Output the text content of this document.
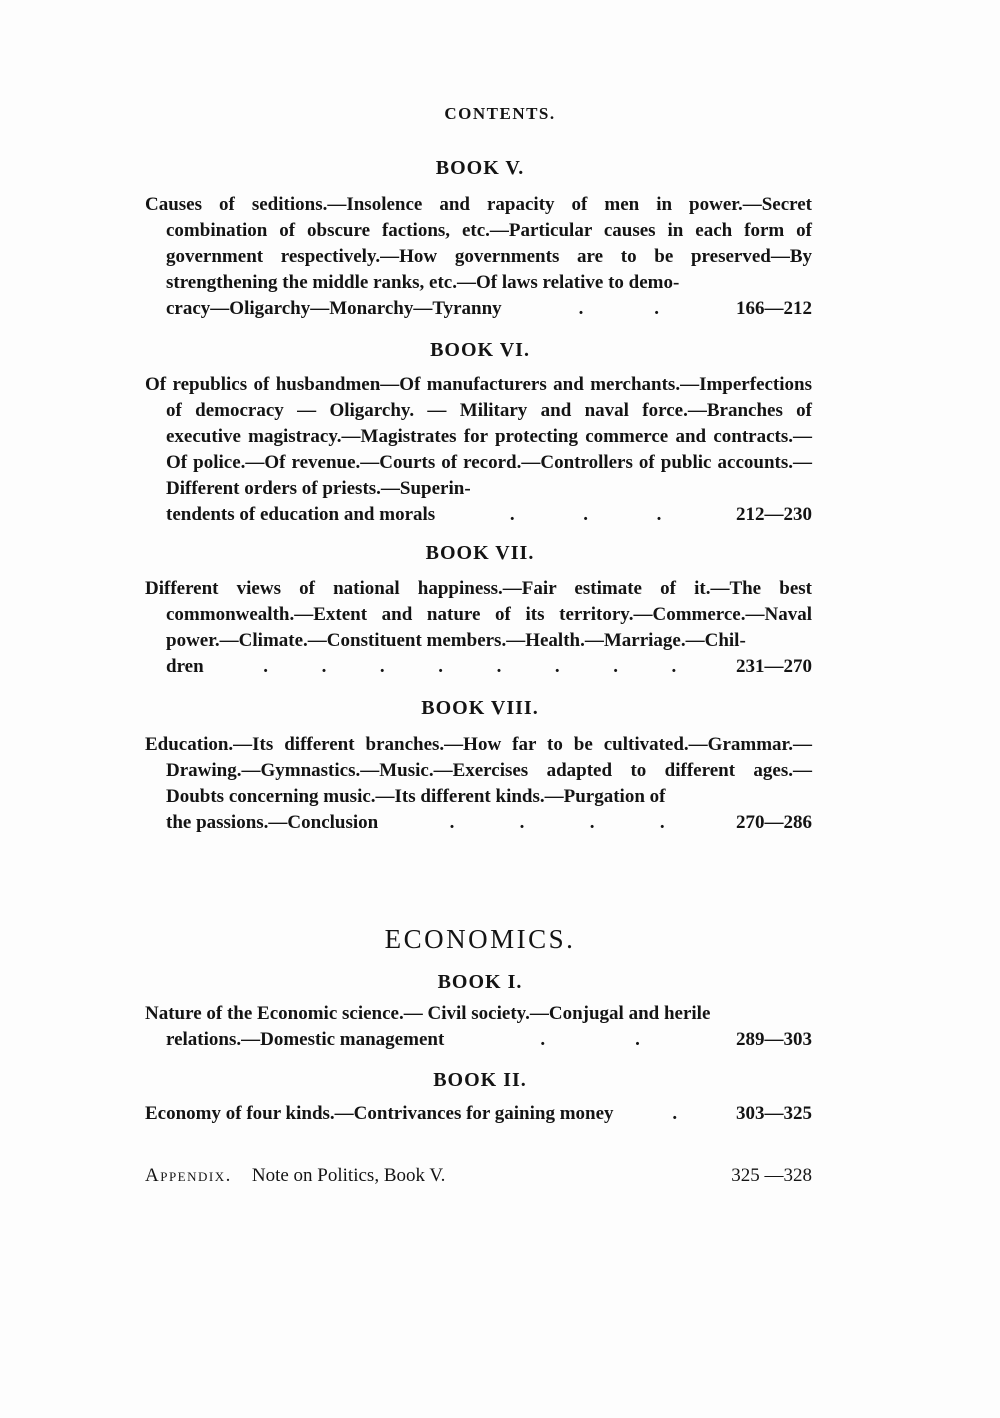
CONTENTS.
BOOK V.

Causes of seditions.—Insolence and rapacity of men in power.—Secret combination of obscure factions, etc.—Particular causes in each form of government respectively.—How governments are to be preserved—By strengthening the middle ranks, etc.—Of laws relative to demo-

cracy—Oligarchy—Monarchy—Tyranny	.	.	166—212
BOOK VI.

Of republics of husbandmen—Of manufacturers and merchants.—Imperfections of democracy — Oligarchy. — Military and naval force.—Branches of executive magistracy.—Magistrates for protecting commerce and contracts.—Of police.—Of revenue.—Courts of record.—Controllers of public accounts.—Different orders of priests.—Superin-

tendents of education and morals	.	.	.	212—230
BOOK VII.

Different views of national happiness.—Fair estimate of it.—The best commonwealth.—Extent and nature of its territory.—Commerce.—Naval power.—Climate.—Constituent members.—Health.—Marriage.—Chil-

dren	.	.	.	.	.	.	.	.	231—270
BOOK VIII.

Education.—Its different branches.—How far to be cultivated.—Grammar.—Drawing.—Gymnastics.—Music.—Exercises adapted to different ages.—Doubts concerning music.—Its different kinds.—Purgation of

the passions.—Conclusion	.	.	.	.	270—286
ECONOMICS.
BOOK I.

Nature of the Economic science.— Civil society.—Conjugal and herile

relations.—Domestic management	.	.	289—303
BOOK II.
Economy of four kinds.—Contrivances for gaining money	.	303—325
Appendix. Note on Politics, Book V.	325 —328
